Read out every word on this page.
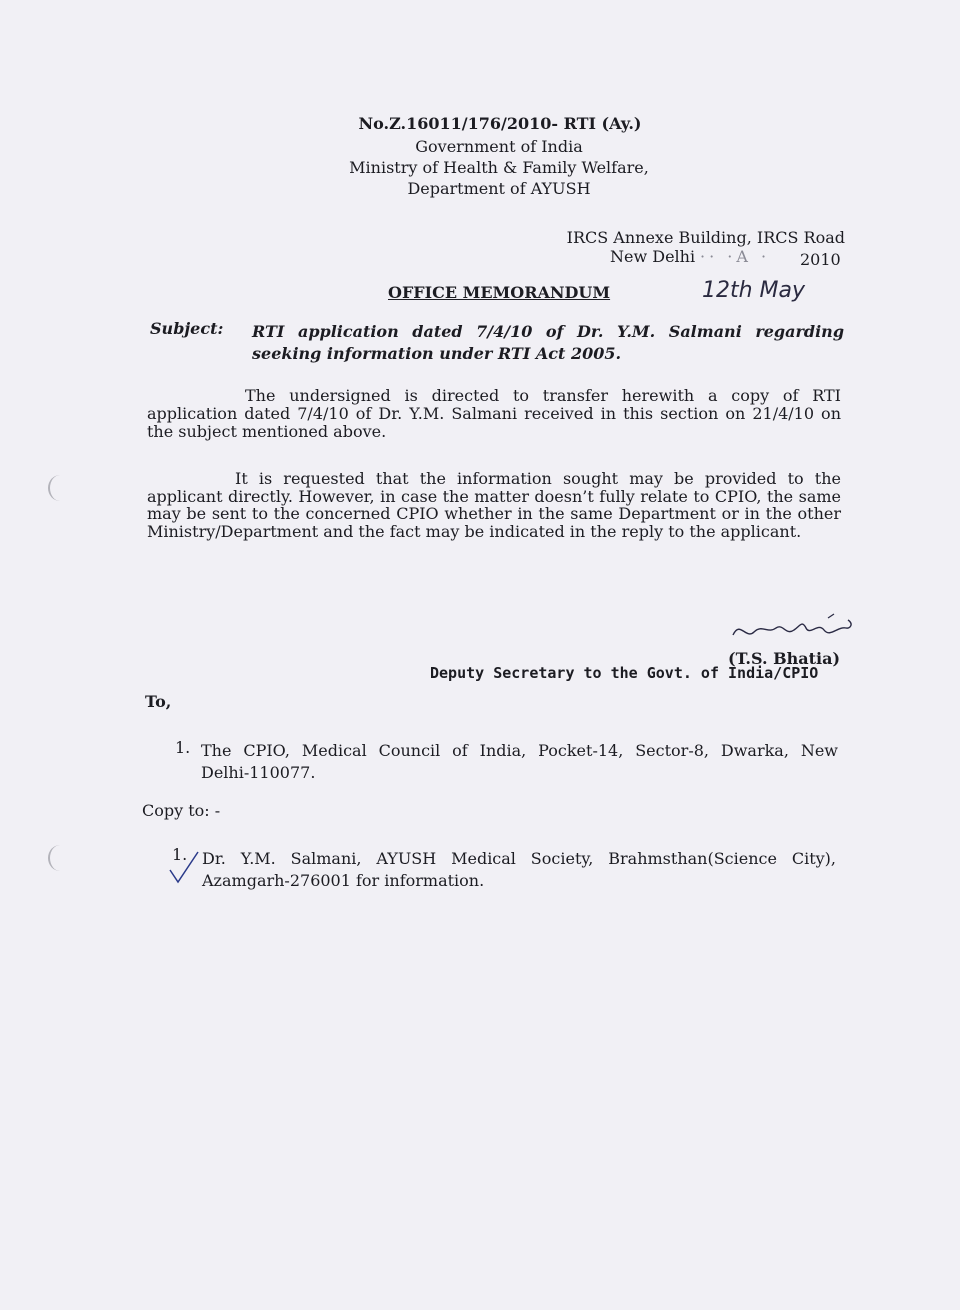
No.Z.16011/176/2010- RTI (Ay.)
Government of India
Ministry of Health & Family Welfare,
Department of AYUSH
IRCS Annexe Building, IRCS Road
New Delhi ·· ·A · 2010
OFFICE MEMORANDUM	12th May
Subject: RTI application dated 7/4/10 of Dr. Y.M. Salmani regarding
seeking information under RTI Act 2005.
The undersigned is directed to transfer herewith a copy of RTI application dated 7/4/10 of Dr. Y.M. Salmani received in this section on 21/4/10 on the subject mentioned above.
It is requested that the information sought may be provided to the applicant directly. However, in case the matter doesn’t fully relate to CPIO, the same may be sent to the concerned CPIO whether in the same Department or in the other Ministry/Department and the fact may be indicated in the reply to the applicant.
(T.S. Bhatia)
Deputy Secretary to the Govt. of India/CPIO
To,
1. The CPIO, Medical Council of India, Pocket-14, Sector-8, Dwarka, New
Delhi-110077.
Copy to: -
1. Dr. Y.M. Salmani, AYUSH Medical Society, Brahmsthan(Science City),
Azamgarh-276001 for information.
